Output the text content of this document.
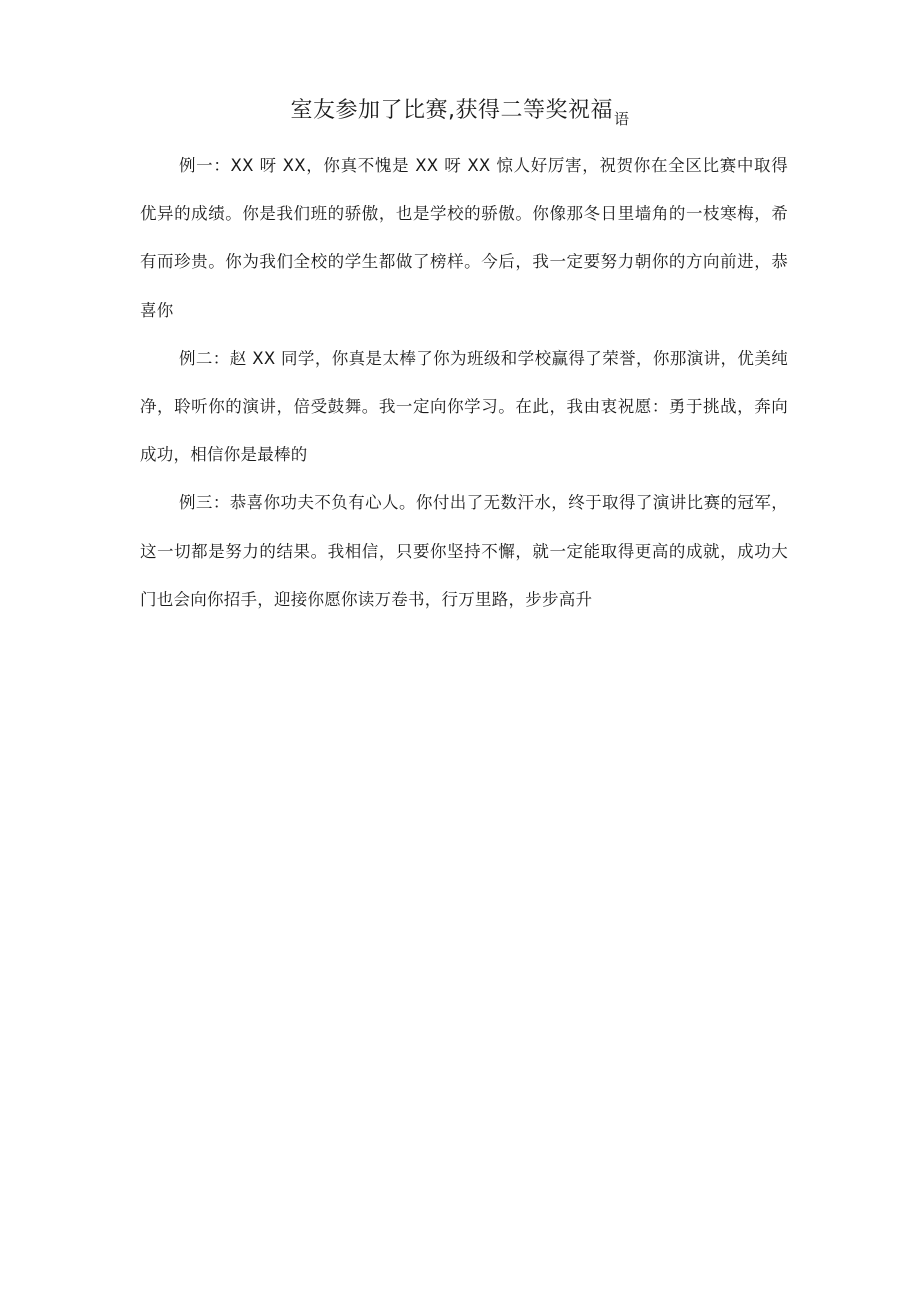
室友参加了比赛,获得二等奖祝福$_语$

例一：XX 呀 XX，你真不愧是 XX 呀 XX 惊人好厉害，祝贺你在全区比赛中取得优异的成绩。你是我们班的骄傲，也是学校的骄傲。你像那冬日里墙角的一枝寒梅，希有而珍贵。你为我们全校的学生都做了榜样。今后，我一定要努力朝你的方向前进，恭喜你

例二：赵 XX 同学，你真是太棒了你为班级和学校赢得了荣誉，你那演讲，优美纯净，聆听你的演讲，倍受鼓舞。我一定向你学习。在此，我由衷祝愿：勇于挑战，奔向成功，相信你是最棒的

例三：恭喜你功夫不负有心人。你付出了无数汗水，终于取得了演讲比赛的冠军，这一切都是努力的结果。我相信，只要你坚持不懈，就一定能取得更高的成就，成功大门也会向你招手，迎接你愿你读万卷书，行万里路，步步高升
